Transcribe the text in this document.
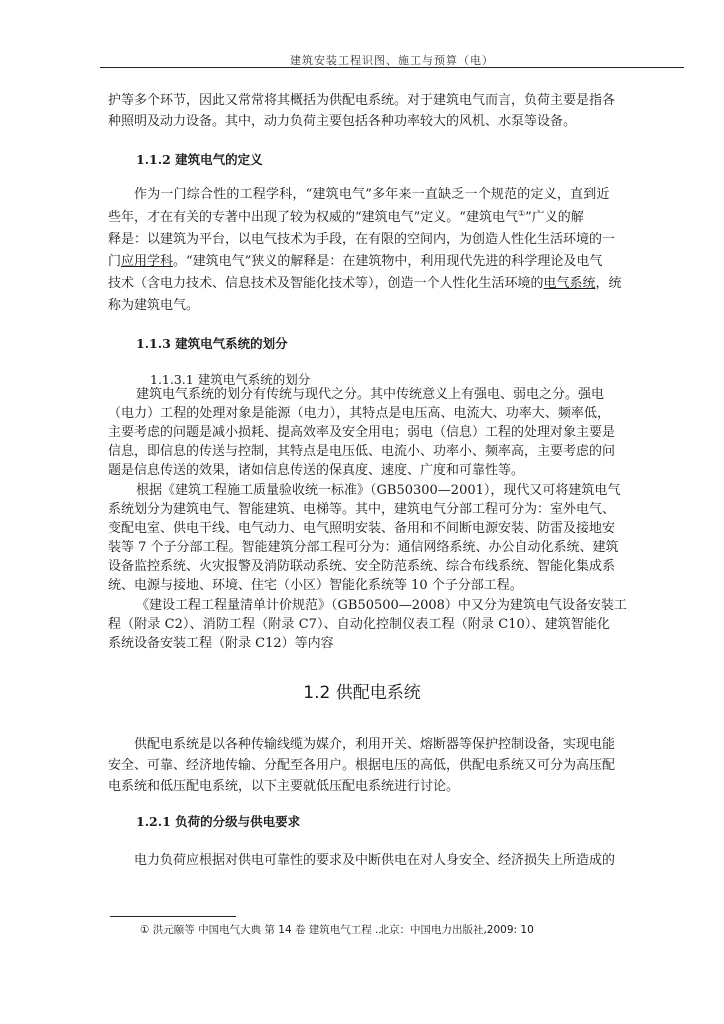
建筑安装工程识图、施工与预算（电）
护等多个环节，因此又常常将其概括为供配电系统。对于建筑电气而言，负荷主要是指各
种照明及动力设备。其中，动力负荷主要包括各种功率较大的风机、水泵等设备。
1.1.2 建筑电气的定义
作为一门综合性的工程学科，“建筑电气”多年来一直缺乏一个规范的定义，直到近
些年，才在有关的专著中出现了较为权威的“建筑电气”定义。“建筑电气①”广义的解
释是：以建筑为平台，以电气技术为手段，在有限的空间内，为创造人性化生活环境的一
门应用学科。“建筑电气”狭义的解释是：在建筑物中，利用现代先进的科学理论及电气
技术（含电力技术、信息技术及智能化技术等），创造一个人性化生活环境的电气系统，统
称为建筑电气。
1.1.3 建筑电气系统的划分
1.1.3.1 建筑电气系统的划分
建筑电气系统的划分有传统与现代之分。其中传统意义上有强电、弱电之分。强电
（电力）工程的处理对象是能源（电力），其特点是电压高、电流大、功率大、频率低，
主要考虑的问题是减小损耗、提高效率及安全用电；弱电（信息）工程的处理对象主要是
信息，即信息的传送与控制，其特点是电压低、电流小、功率小、频率高，主要考虑的问
题是信息传送的效果，诸如信息传送的保真度、速度、广度和可靠性等。
根据《建筑工程施工质量验收统一标准》（GB50300—2001），现代又可将建筑电气
系统划分为建筑电气、智能建筑、电梯等。其中，建筑电气分部工程可分为：室外电气、
变配电室、供电干线、电气动力、电气照明安装、备用和不间断电源安装、防雷及接地安
装等 7 个子分部工程。智能建筑分部工程可分为：通信网络系统、办公自动化系统、建筑
设备监控系统、火灾报警及消防联动系统、安全防范系统、综合布线系统、智能化集成系
统、电源与接地、环境、住宅（小区）智能化系统等 10 个子分部工程。
《建设工程工程量清单计价规范》（GB50500—2008）中又分为建筑电气设备安装工
程（附录 C2）、消防工程（附录 C7）、自动化控制仪表工程（附录 C10）、建筑智能化
系统设备安装工程（附录 C12）等内容
1.2 供配电系统
供配电系统是以各种传输线缆为媒介，利用开关、熔断器等保护控制设备，实现电能
安全、可靠、经济地传输、分配至各用户。根据电压的高低，供配电系统又可分为高压配
电系统和低压配电系统，以下主要就低压配电系统进行讨论。
1.2.1 负荷的分级与供电要求
电力负荷应根据对供电可靠性的要求及中断供电在对人身安全、经济损失上所造成的
① 洪元颐等 中国电气大典 第 14 卷 建筑电气工程 .北京：中国电力出版社,2009: 10
